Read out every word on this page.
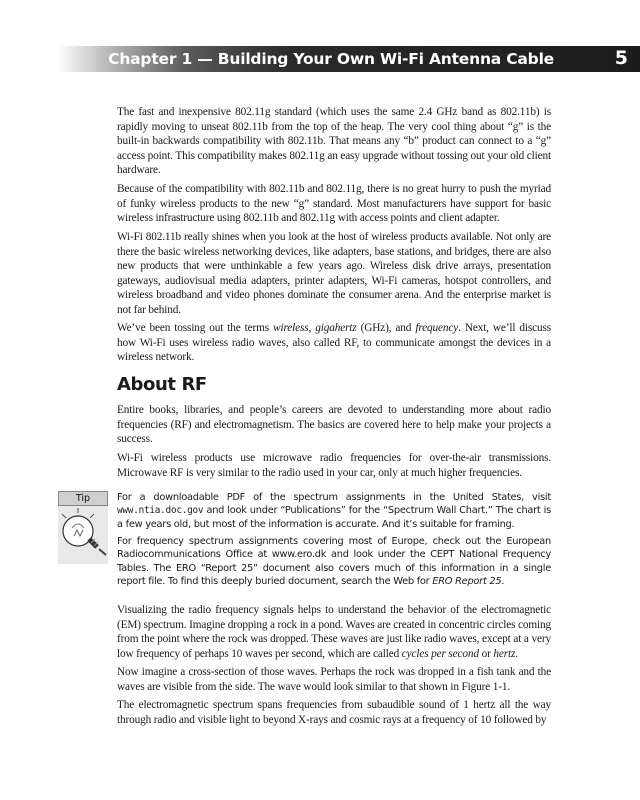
Chapter 1 — Building Your Own Wi-Fi Antenna Cable	5

The fast and inexpensive 802.11g standard (which uses the same 2.4 GHz band as 802.11b) is rapidly moving to unseat 802.11b from the top of the heap. The very cool thing about “g” is the built-in backwards compatibility with 802.11b. That means any “b” product can connect to a “g” access point. This compatibility makes 802.11g an easy upgrade without tossing out your old client hardware.

Because of the compatibility with 802.11b and 802.11g, there is no great hurry to push the myriad of funky wireless products to the new “g” standard. Most manufacturers have support for basic wireless infrastructure using 802.11b and 802.11g with access points and client adapter.

Wi-Fi 802.11b really shines when you look at the host of wireless products available. Not only are there the basic wireless networking devices, like adapters, base stations, and bridges, there are also new products that were unthinkable a few years ago. Wireless disk drive arrays, presentation gateways, audiovisual media adapters, printer adapters, Wi-Fi cameras, hotspot controllers, and wireless broadband and video phones dominate the consumer arena. And the enterprise market is not far behind.

We’ve been tossing out the terms wireless, gigahertz (GHz), and frequency. Next, we’ll discuss how Wi-Fi uses wireless radio waves, also called RF, to communicate amongst the devices in a wireless network.

About RF

Entire books, libraries, and people’s careers are devoted to understanding more about radio frequencies (RF) and electromagnetism. The basics are covered here to help make your projects a success.

Wi-Fi wireless products use microwave radio frequencies for over-the-air transmissions. Microwave RF is very similar to the radio used in your car, only at much higher frequencies.

Tip	For a downloadable PDF of the spectrum assignments in the United States, visit www.ntia.doc.gov and look under “Publications” for the “Spectrum Wall Chart.” The chart is a few years old, but most of the information is accurate. And it’s suitable for framing.

For frequency spectrum assignments covering most of Europe, check out the European Radiocommunications Office at www.ero.dk and look under the CEPT National Frequency Tables. The ERO “Report 25” document also covers much of this information in a single report file. To find this deeply buried document, search the Web for ERO Report 25.

Visualizing the radio frequency signals helps to understand the behavior of the electromagnetic (EM) spectrum. Imagine dropping a rock in a pond. Waves are created in concentric circles coming from the point where the rock was dropped. These waves are just like radio waves, except at a very low frequency of perhaps 10 waves per second, which are called cycles per second or hertz.

Now imagine a cross-section of those waves. Perhaps the rock was dropped in a fish tank and the waves are visible from the side. The wave would look similar to that shown in Figure 1-1.

The electromagnetic spectrum spans frequencies from subaudible sound of 1 hertz all the way through radio and visible light to beyond X-rays and cosmic rays at a frequency of 10 followed by
